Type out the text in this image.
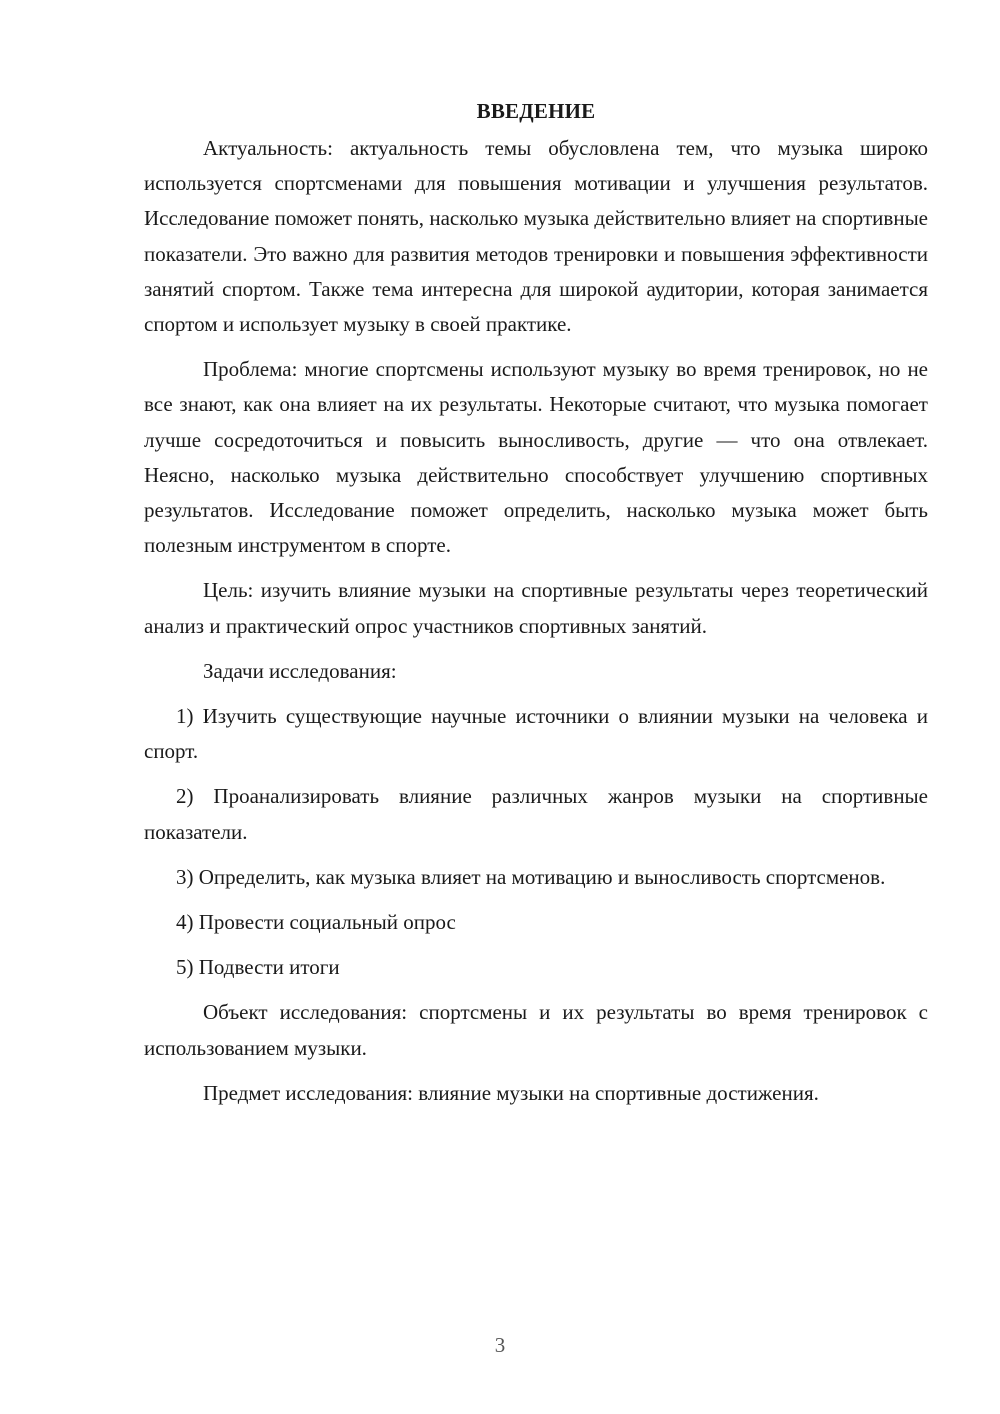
ВВЕДЕНИЕ

Актуальность: актуальность темы обусловлена тем, что музыка широко используется спортсменами для повышения мотивации и улучшения результатов. Исследование поможет понять, насколько музыка действительно влияет на спортивные показатели. Это важно для развития методов тренировки и повышения эффективности занятий спортом. Также тема интересна для широкой аудитории, которая занимается спортом и использует музыку в своей практике.

Проблема: многие спортсмены используют музыку во время тренировок, но не все знают, как она влияет на их результаты. Некоторые считают, что музыка помогает лучше сосредоточиться и повысить выносливость, другие — что она отвлекает. Неясно, насколько музыка действительно способствует улучшению спортивных результатов. Исследование поможет определить, насколько музыка может быть полезным инструментом в спорте.

Цель: изучить влияние музыки на спортивные результаты через теоретический анализ и практический опрос участников спортивных занятий.

Задачи исследования:

1) Изучить существующие научные источники о влиянии музыки на человека и спорт.

2) Проанализировать влияние различных жанров музыки на спортивные показатели.

3) Определить, как музыка влияет на мотивацию и выносливость спортсменов.

4) Провести социальный опрос

5) Подвести итоги

Объект исследования: спортсмены и их результаты во время тренировок с использованием музыки.

Предмет исследования: влияние музыки на спортивные достижения.

3
